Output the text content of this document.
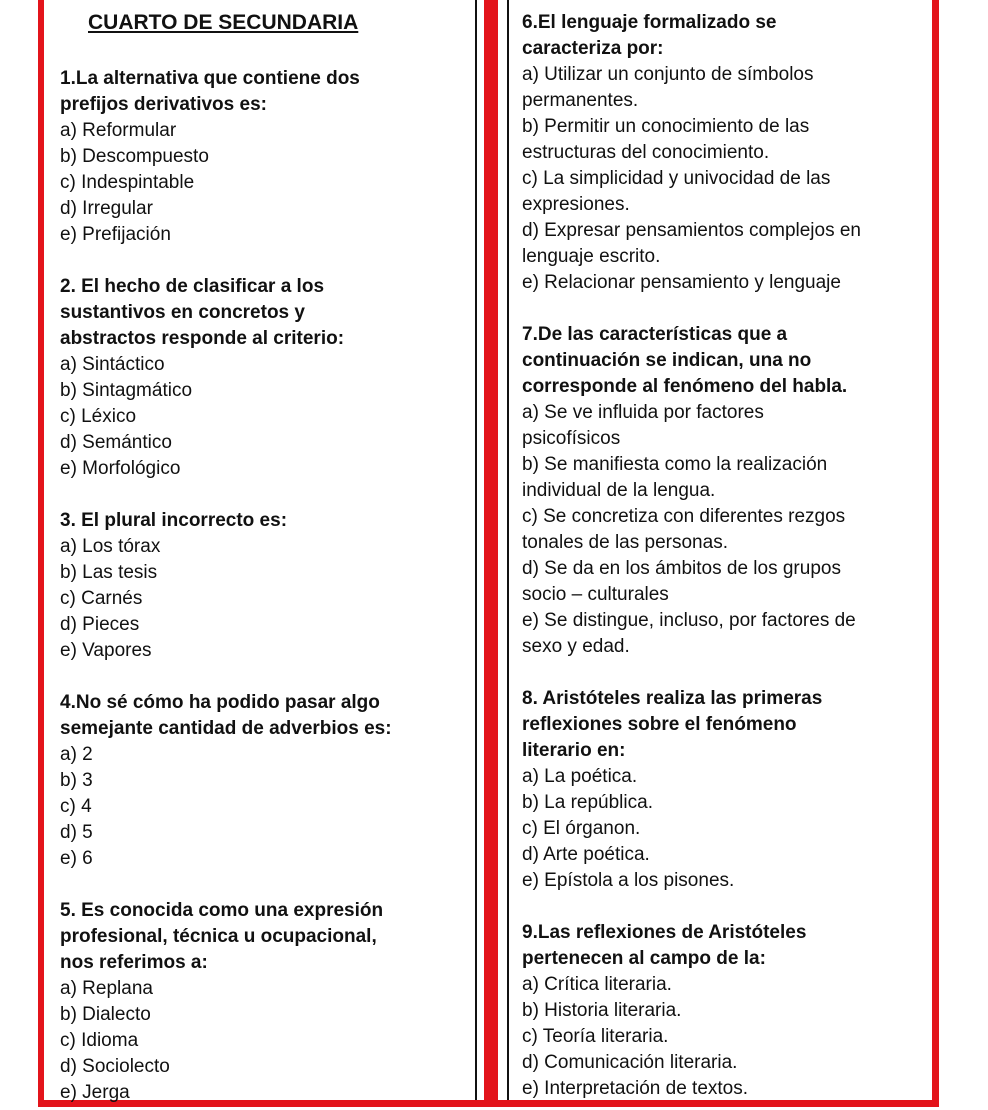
CUARTO DE SECUNDARIA
1.La alternativa que contiene dos
prefijos derivativos es:
a) Reformular
b) Descompuesto
c) Indespintable
d) Irregular
e) Prefijación
2. El hecho de clasificar a los
sustantivos en concretos y
abstractos responde al criterio:
a) Sintáctico
b) Sintagmático
c) Léxico
d) Semántico
e) Morfológico
3. El plural incorrecto es:
a) Los tórax
b) Las tesis
c) Carnés
d) Pieces
e) Vapores
4.No sé cómo ha podido pasar algo
semejante cantidad de adverbios es:
a) 2
b) 3
c) 4
d) 5
e) 6
5. Es conocida como una expresión
profesional, técnica u ocupacional,
nos referimos a:
a) Replana
b) Dialecto
c) Idioma
d) Sociolecto
e) Jerga
6.El lenguaje formalizado se
caracteriza por:
a) Utilizar un conjunto de símbolos
permanentes.
b) Permitir un conocimiento de las
estructuras del conocimiento.
c) La simplicidad y univocidad de las
expresiones.
d) Expresar pensamientos complejos en
lenguaje escrito.
e) Relacionar pensamiento y lenguaje
7.De las características que a
continuación se indican, una no
corresponde al fenómeno del habla.
a) Se ve influida por factores
psicofísicos
b) Se manifiesta como la realización
individual de la lengua.
c) Se concretiza con diferentes rezgos
tonales de las personas.
d) Se da en los ámbitos de los grupos
socio – culturales
e) Se distingue, incluso, por factores de
sexo y edad.
8. Aristóteles realiza las primeras
reflexiones sobre el fenómeno
literario en:
a) La poética.
b) La república.
c) El órganon.
d) Arte poética.
e) Epístola a los pisones.
9.Las reflexiones de Aristóteles
pertenecen al campo de la:
a) Crítica literaria.
b) Historia literaria.
c) Teoría literaria.
d) Comunicación literaria.
e) Interpretación de textos.
